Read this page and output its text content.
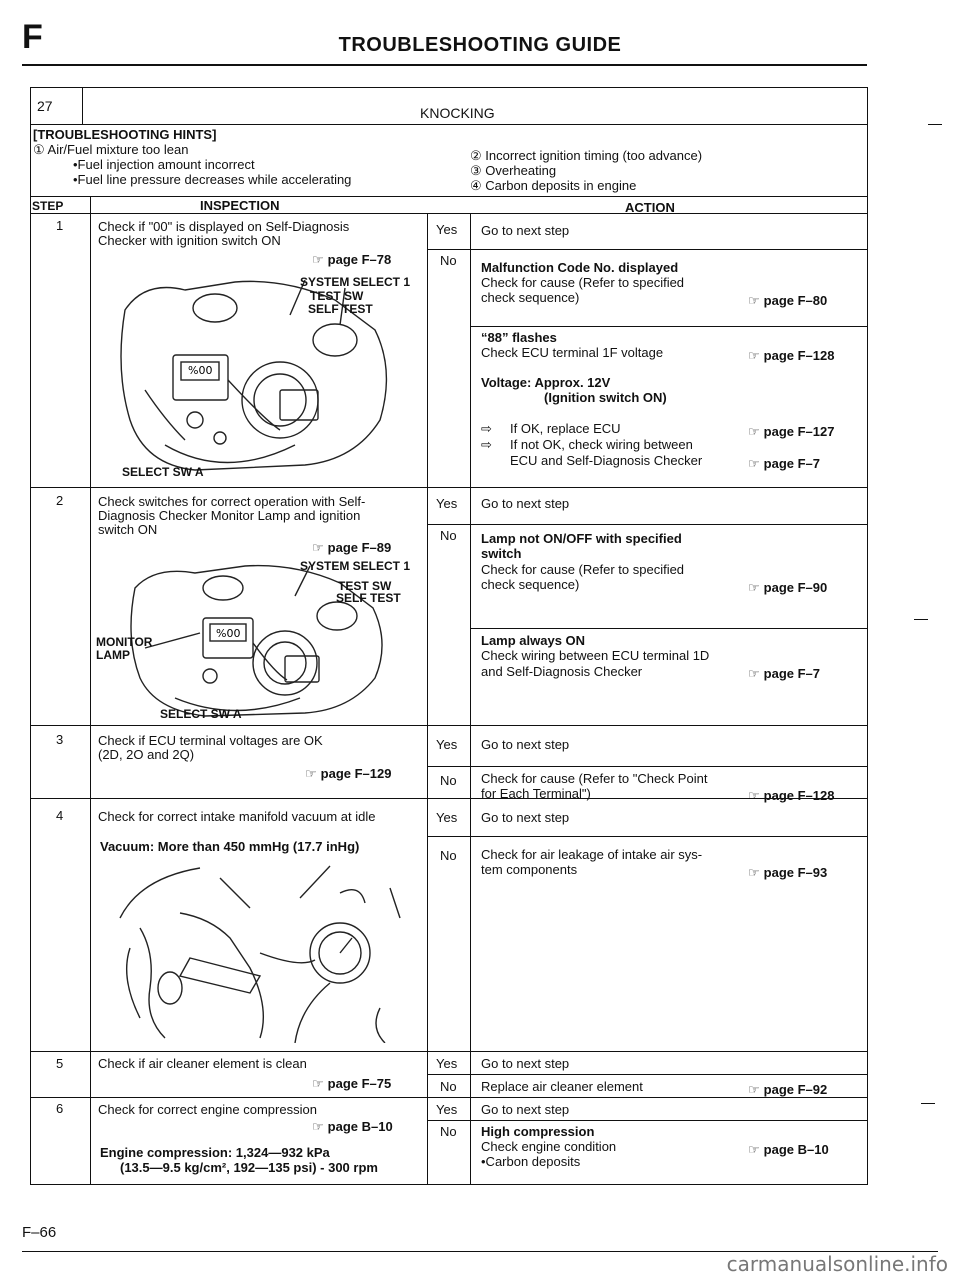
F	TROUBLESHOOTING GUIDE
27	KNOCKING
[TROUBLESHOOTING HINTS]
① Air/Fuel mixture too lean
•Fuel injection amount incorrect
•Fuel line pressure decreases while accelerating
② Incorrect ignition timing (too advance)
③ Overheating
④ Carbon deposits in engine
STEP	INSPECTION	ACTION
1	Check if "00" is displayed on Self-Diagnosis
Checker with ignition switch ON
☞ page F–78
%00
SYSTEM SELECT 1
TEST SW
SELF TEST
SELECT SW A
Yes Go to next step
No Malfunction Code No. displayed
Check for cause (Refer to specified
check sequence)	☞ page F–80
“88” flashes
Check ECU terminal 1F voltage	☞ page F–128
Voltage: Approx. 12V
(Ignition switch ON)
⇨ If OK, replace ECU	☞ page F–127
⇨ If not OK, check wiring between
ECU and Self-Diagnosis Checker	☞ page F–7
2	Check switches for correct operation with Self-
Diagnosis Checker Monitor Lamp and ignition
switch ON
☞ page F–89
%00
SYSTEM SELECT 1
TEST SW
SELF TEST
MONITOR
LAMP
SELECT SW A
Yes Go to next step
No Lamp not ON/OFF with specified
switch
Check for cause (Refer to specified
check sequence)	☞ page F–90
Lamp always ON
Check wiring between ECU terminal 1D
and Self-Diagnosis Checker	☞ page F–7
3	Check if ECU terminal voltages are OK
(2D, 2O and 2Q)
☞ page F–129
Yes Go to next step
No Check for cause (Refer to "Check Point
for Each Terminal")	☞ page F–128
4	Check for correct intake manifold vacuum at idle
Vacuum: More than 450 mmHg (17.7 inHg)
Yes Go to next step
No Check for air leakage of intake air sys-
tem components	☞ page F–93
5	Check if air cleaner element is clean
☞ page F–75
Yes Go to next step
No Replace air cleaner element	☞ page F–92
6	Check for correct engine compression
☞ page B–10
Engine compression: 1,324—932 kPa
(13.5—9.5 kg/cm², 192—135 psi) - 300 rpm
Yes Go to next step
No High compression
Check engine condition	☞ page B–10
•Carbon deposits
F–66
carmanualsonline.info
